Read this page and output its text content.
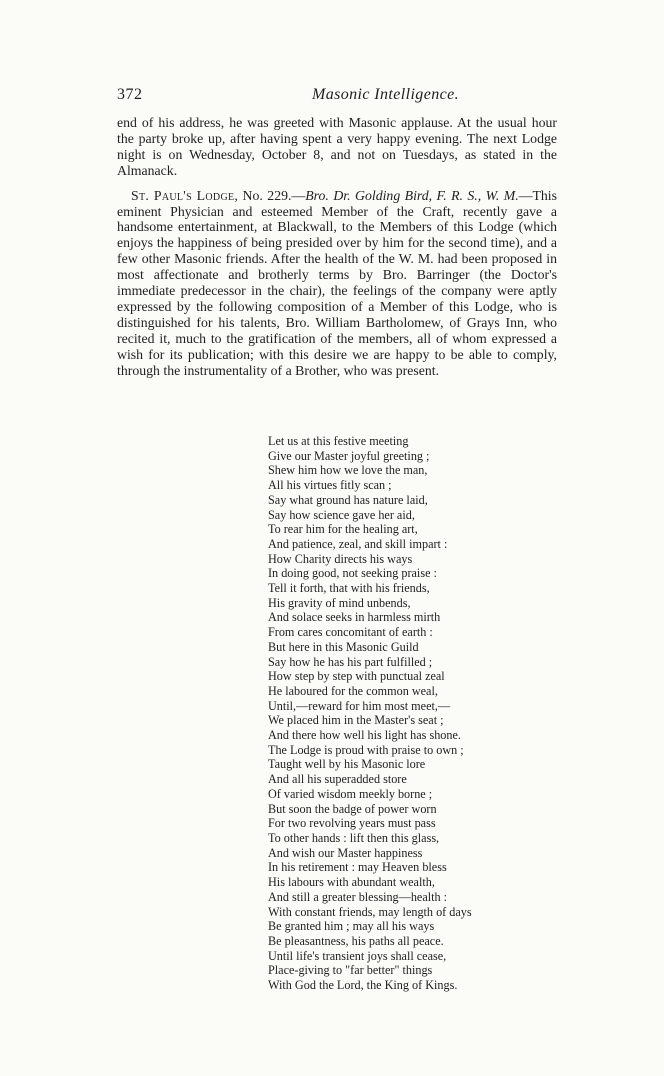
372	Masonic Intelligence.

end of his address, he was greeted with Masonic applause. At the usual hour the party broke up, after having spent a very happy evening. The next Lodge night is on Wednesday, October 8, and not on Tuesdays, as stated in the Almanack.

St. Paul's Lodge, No. 229.—Bro. Dr. Golding Bird, F. R. S., W. M.—This eminent Physician and esteemed Member of the Craft, recently gave a handsome entertainment, at Blackwall, to the Members of this Lodge (which enjoys the happiness of being presided over by him for the second time), and a few other Masonic friends. After the health of the W. M. had been proposed in most affectionate and brotherly terms by Bro. Barringer (the Doctor's immediate predecessor in the chair), the feelings of the company were aptly expressed by the following composition of a Member of this Lodge, who is distinguished for his talents, Bro. William Bartholomew, of Grays Inn, who recited it, much to the gratification of the members, all of whom expressed a wish for its publication; with this desire we are happy to be able to comply, through the instrumentality of a Brother, who was present.

Let us at this festive meeting
Give our Master joyful greeting ;
Shew him how we love the man,
All his virtues fitly scan ;
Say what ground has nature laid,
Say how science gave her aid,
To rear him for the healing art,
And patience, zeal, and skill impart :
How Charity directs his ways
In doing good, not seeking praise :
Tell it forth, that with his friends,
His gravity of mind unbends,
And solace seeks in harmless mirth
From cares concomitant of earth :
But here in this Masonic Guild
Say how he has his part fulfilled ;
How step by step with punctual zeal
He laboured for the common weal,
Until,—reward for him most meet,—
We placed him in the Master's seat ;
And there how well his light has shone.
The Lodge is proud with praise to own ;
Taught well by his Masonic lore
And all his superadded store
Of varied wisdom meekly borne ;
But soon the badge of power worn
For two revolving years must pass
To other hands : lift then this glass,
And wish our Master happiness
In his retirement : may Heaven bless
His labours with abundant wealth,
And still a greater blessing—health :
With constant friends, may length of days
Be granted him ; may all his ways
Be pleasantness, his paths all peace.
Until life's transient joys shall cease,
Place-giving to "far better" things
With God the Lord, the King of Kings.
